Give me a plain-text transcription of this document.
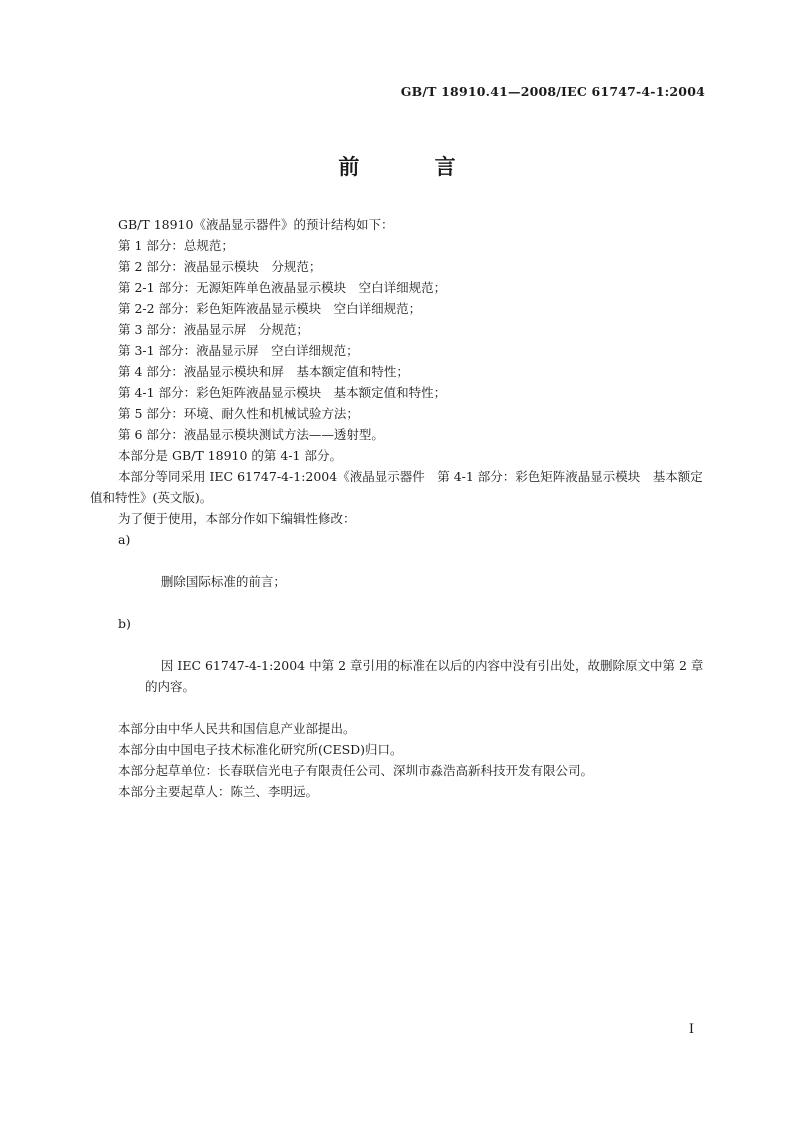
GB/T 18910.41—2008/IEC 61747-4-1:2004
前 言

GB/T 18910《液晶显示器件》的预计结构如下：

第 1 部分：总规范；

第 2 部分：液晶显示模块　分规范；

第 2-1 部分：无源矩阵单色液晶显示模块　空白详细规范；

第 2-2 部分：彩色矩阵液晶显示模块　空白详细规范；

第 3 部分：液晶显示屏　分规范；

第 3-1 部分：液晶显示屏　空白详细规范；

第 4 部分：液晶显示模块和屏　基本额定值和特性；

第 4-1 部分：彩色矩阵液晶显示模块　基本额定值和特性；

第 5 部分：环境、耐久性和机械试验方法；

第 6 部分：液晶显示模块测试方法——透射型。

本部分是 GB/T 18910 的第 4-1 部分。

本部分等同采用 IEC 61747-4-1:2004《液晶显示器件　第 4-1 部分：彩色矩阵液晶显示模块　基本额定值和特性》(英文版)。

为了便于使用，本部分作如下编辑性修改：

a)

删除国际标准的前言；

b)

因 IEC 61747-4-1:2004 中第 2 章引用的标准在以后的内容中没有引出处，故删除原文中第 2 章的内容。

本部分由中华人民共和国信息产业部提出。

本部分由中国电子技术标准化研究所(CESD)归口。

本部分起草单位：长春联信光电子有限责任公司、深圳市淼浩高新科技开发有限公司。

本部分主要起草人：陈兰、李明远。

I
